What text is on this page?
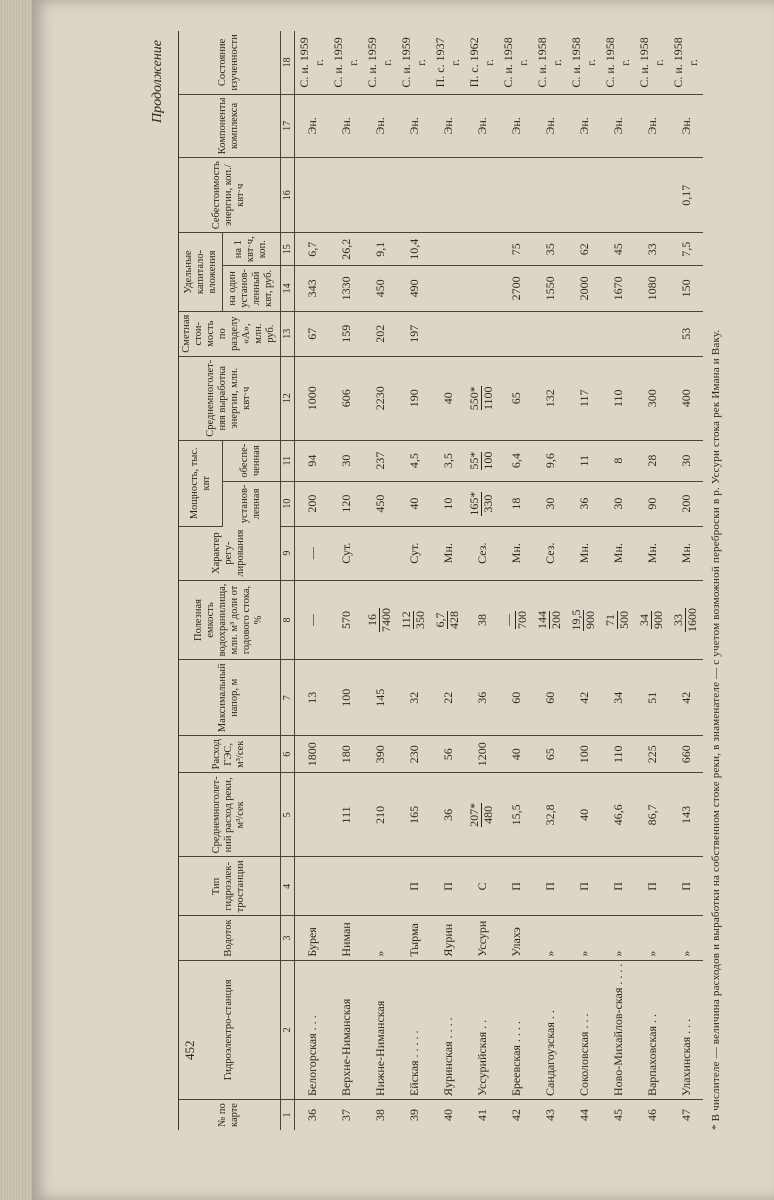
452
Продолжение
№ по карте	Гидроэлектро-станция	Водоток	Тип гидроэлек-тростанции	Среднемноголет-ний расход реки, м³/сек	Расход ГЭС, м³/сек	Максимальный напор, м	Полезная емкость водохранилища, млн. м³ доли от годового стока, %	Характер регу-лирования	Мощность, тыс. квт		Среднемноголет-няя выработка энергии, млн. квт·ч	Сметная стои-мость по разделу «А», млн. руб.	Удельные капитало-вложения		Себестоимость энергии, коп./квт·ч	Компоненты комплекса	Состояние изученности
									установ-ленная	обеспе-ченная			на один установ-ленный квт, руб.	на 1 квт·ч, коп.			
1	2	3	4	5	6	7	8	9	10	11	12	13	14	15	16	17	18
36	Белогорская . . .	Бурея			1800	13	—	—	200	94	1000	67	343	6,7		Эн.	С. и. 1959 г.
37	Верхне-Ниманская	Ниман		111	180	100	570	Сут.	120	30	606	159	1330	26,2		Эн.	С. и. 1959 г.
38	Нижне-Ниманская	»		210	390	145	16 7400		450	237	2230	202	450	9,1		Эн.	С. и. 1959 г.
39	Ейская . . . . .	Тырма	П	165	230	32	112 350	Сут.	40	4,5	190	197	490	10,4		Эн.	С. и. 1959 г.
40	Яуринская . . . .	Яурин	П	36	56	22	6,7 428	Мн.	10	3,5	40					Эн.	П. с. 1937 г.
41	Уссурийская . .	Уссури	С	207* 480	1200	36	38	Сез.	165* 330	55* 100	550* 1100					Эн.	П. с. 1962 г.
42	Бреевская . . . .	Улахэ	П	15,5	40	60	— 700	Мн.	18	6,4	65		2700	75		Эн.	С. и. 1958 г.
43	Сандагоузская . .	»	П	32,8	65	60	144 200	Сез.	30	9,6	132		1550	35		Эн.	С. и. 1958 г.
44	Соколовская . . .	»	П	40	100	42	19,5 900	Мн.	36	11	117		2000	62		Эн.	С. и. 1958 г.
45	Ново-Михайлов-ская . . . .	»	П	46,6	110	34	71 500	Мн.	30	8	110		1670	45		Эн.	С. и. 1958 г.
46	Варпаховская . .	»	П	86,7	225	51	34 900	Мн.	90	28	300		1080	33		Эн.	С. и. 1958 г.
47	Улахинская . . .	»	П	143	660	42	33 1600	Мн.	200	30	400	53	150	7,5	0,17	Эн.	С. и. 1958 г.
* В числителе — величина расходов и выработки на собственном стоке реки, в знаменателе — с учетом возможной переброски в р. Уссури стока рек Имана и Ваку.
